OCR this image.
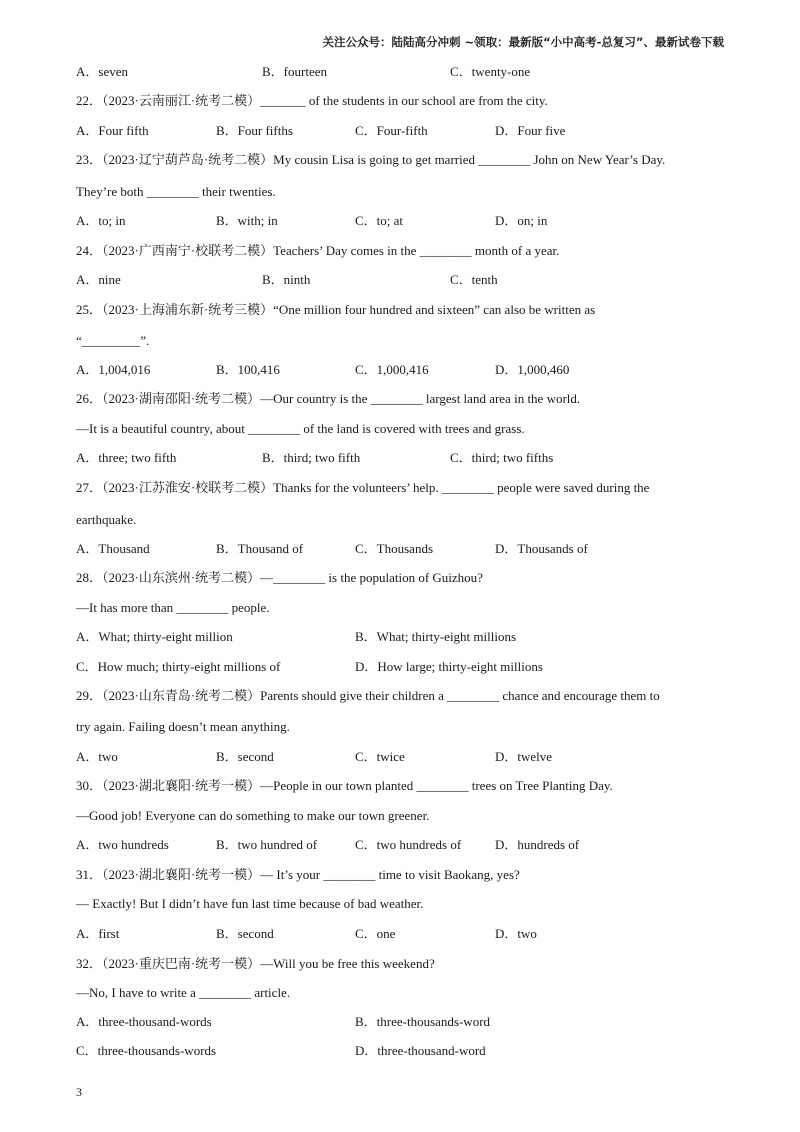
关注公众号：陆陆高分冲刺 ~领取：最新版“小中高考-总复习”、最新试卷下载
A．seven	B．fourteen	C．twenty-one
22．（2023·云南丽江·统考二模）_______ of the students in our school are from the city.
A．Four fifth	B．Four fifths	C．Four-fifth	D．Four five
23．（2023·辽宁葫芦岛·统考二模）My cousin Lisa is going to get married ________ John on New Year’s Day.
They’re both ________ their twenties.
A．to; in	B．with; in	C．to; at	D．on; in
24．（2023·广西南宁·校联考二模）Teachers’ Day comes in the ________ month of a year.
A．nine	B．ninth	C．tenth
25．（2023·上海浦东新·统考三模）“One million four hundred and sixteen” can also be written as
“_________”.
A．1,004,016	B．100,416	C．1,000,416	D．1,000,460
26．（2023·湖南邵阳·统考二模）—Our country is the ________ largest land area in the world.
—It is a beautiful country, about ________ of the land is covered with trees and grass.
A．three; two fifth	B．third; two fifth	C．third; two fifths
27．（2023·江苏淮安·校联考二模）Thanks for the volunteers’ help. ________ people were saved during the
earthquake.
A．Thousand	B．Thousand of	C．Thousands	D．Thousands of
28．（2023·山东滨州·统考二模）—________ is the population of Guizhou?
—It has more than ________ people.
A．What; thirty-eight million	B．What; thirty-eight millions
C．How much; thirty-eight millions of	D．How large; thirty-eight millions
29．（2023·山东青岛·统考二模）Parents should give their children a ________ chance and encourage them to
try again. Failing doesn’t mean anything.
A．two	B．second	C．twice	D．twelve
30．（2023·湖北襄阳·统考一模）—People in our town planted ________ trees on Tree Planting Day.
—Good job! Everyone can do something to make our town greener.
A．two hundreds	B．two hundred of	C．two hundreds of	D．hundreds of
31．（2023·湖北襄阳·统考一模）— It’s your ________ time to visit Baokang, yes?
— Exactly! But I didn’t have fun last time because of bad weather.
A．first	B．second	C．one	D．two
32．（2023·重庆巴南·统考一模）—Will you be free this weekend?
—No, I have to write a ________ article.
A．three-thousand-words	B．three-thousands-word
C．three-thousands-words	D．three-thousand-word
3
